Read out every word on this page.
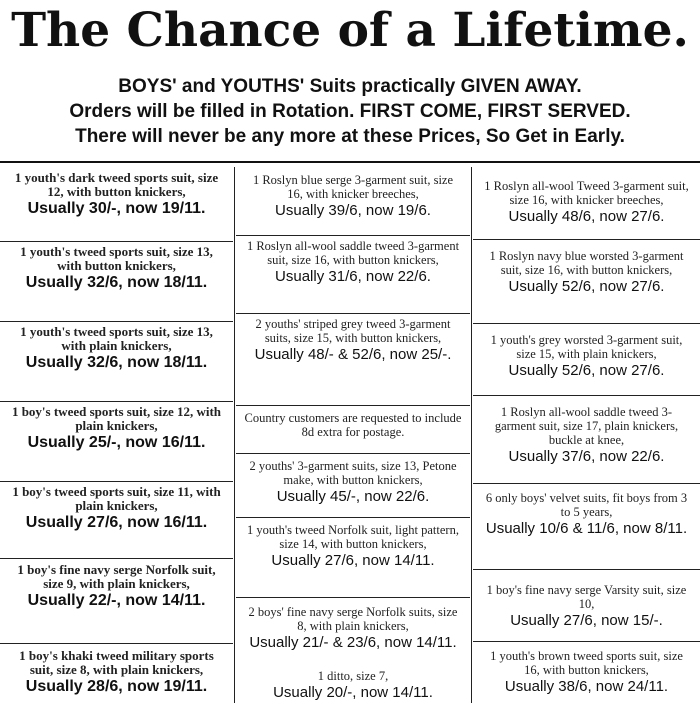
The Chance of a Lifetime.
BOYS' and YOUTHS' Suits practically GIVEN AWAY.
Orders will be filled in Rotation. FIRST COME, FIRST SERVED.
There will never be any more at these Prices, So Get in Early.
1 youth's dark tweed sports suit, size 12, with button knickers,
Usually 30/-, now 19/11.
1 youth's tweed sports suit, size 13, with button knickers,
Usually 32/6, now 18/11.
1 youth's tweed sports suit, size 13, with plain knickers,
Usually 32/6, now 18/11.
1 boy's tweed sports suit, size 12, with plain knickers,
Usually 25/-, now 16/11.
1 boy's tweed sports suit, size 11, with plain knickers,
Usually 27/6, now 16/11.
1 boy's fine navy serge Norfolk suit, size 9, with plain knickers,
Usually 22/-, now 14/11.
1 boy's khaki tweed military sports suit, size 8, with plain knickers,
Usually 28/6, now 19/11.
1 Roslyn blue serge 3-garment suit, size 16, with knicker breeches,
Usually 39/6, now 19/6.
1 Roslyn all-wool saddle tweed 3-garment suit, size 16, with button knickers,
Usually 31/6, now 22/6.
2 youths' striped grey tweed 3-garment suits, size 15, with button knickers,
Usually 48/- & 52/6, now 25/-.
Country customers are requested to include 8d extra for postage.
2 youths' 3-garment suits, size 13, Petone make, with button knickers,
Usually 45/-, now 22/6.
1 youth's tweed Norfolk suit, light pattern, size 14, with button knickers,
Usually 27/6, now 14/11.
2 boys' fine navy serge Norfolk suits, size 8, with plain knickers,
Usually 21/- & 23/6, now 14/11.
1 ditto, size 7,
Usually 20/-, now 14/11.
1 Roslyn all-wool Tweed 3-garment suit, size 16, with knicker breeches,
Usually 48/6, now 27/6.
1 Roslyn navy blue worsted 3-garment suit, size 16, with button knickers,
Usually 52/6, now 27/6.
1 youth's grey worsted 3-garment suit, size 15, with plain knickers,
Usually 52/6, now 27/6.
1 Roslyn all-wool saddle tweed 3-garment suit, size 17, plain knickers, buckle at knee,
Usually 37/6, now 22/6.
6 only boys' velvet suits, fit boys from 3 to 5 years,
Usually 10/6 & 11/6, now 8/11.
1 boy's fine navy serge Varsity suit, size 10,
Usually 27/6, now 15/-.
1 youth's brown tweed sports suit, size 16, with button knickers,
Usually 38/6, now 24/11.
